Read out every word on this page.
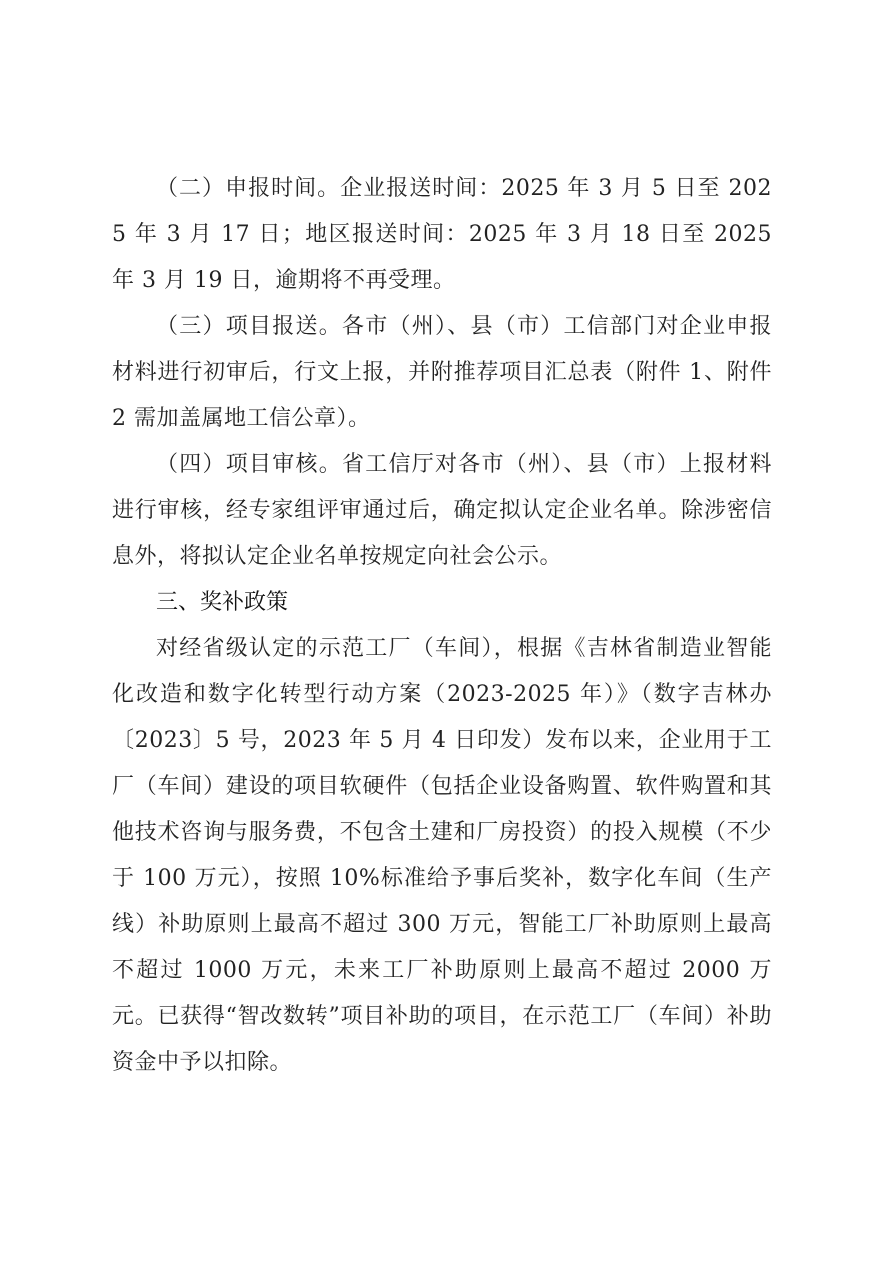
（二）申报时间。企业报送时间：2025 年 3 月 5 日至 2025 年 3 月 17 日；地区报送时间：2025 年 3 月 18 日至 2025 年 3 月 19 日，逾期将不再受理。

（三）项目报送。各市（州）、县（市）工信部门对企业申报材料进行初审后，行文上报，并附推荐项目汇总表（附件 1、附件 2 需加盖属地工信公章）。

（四）项目审核。省工信厅对各市（州）、县（市）上报材料进行审核，经专家组评审通过后，确定拟认定企业名单。除涉密信息外，将拟认定企业名单按规定向社会公示。

三、奖补政策

对经省级认定的示范工厂（车间），根据《吉林省制造业智能化改造和数字化转型行动方案（2023-2025 年）》（数字吉林办〔2023〕5 号，2023 年 5 月 4 日印发）发布以来，企业用于工厂（车间）建设的项目软硬件（包括企业设备购置、软件购置和其他技术咨询与服务费，不包含土建和厂房投资）的投入规模（不少于 100 万元），按照 10%标准给予事后奖补，数字化车间（生产线）补助原则上最高不超过 300 万元，智能工厂补助原则上最高不超过 1000 万元，未来工厂补助原则上最高不超过 2000 万元。已获得“智改数转”项目补助的项目，在示范工厂（车间）补助资金中予以扣除。
